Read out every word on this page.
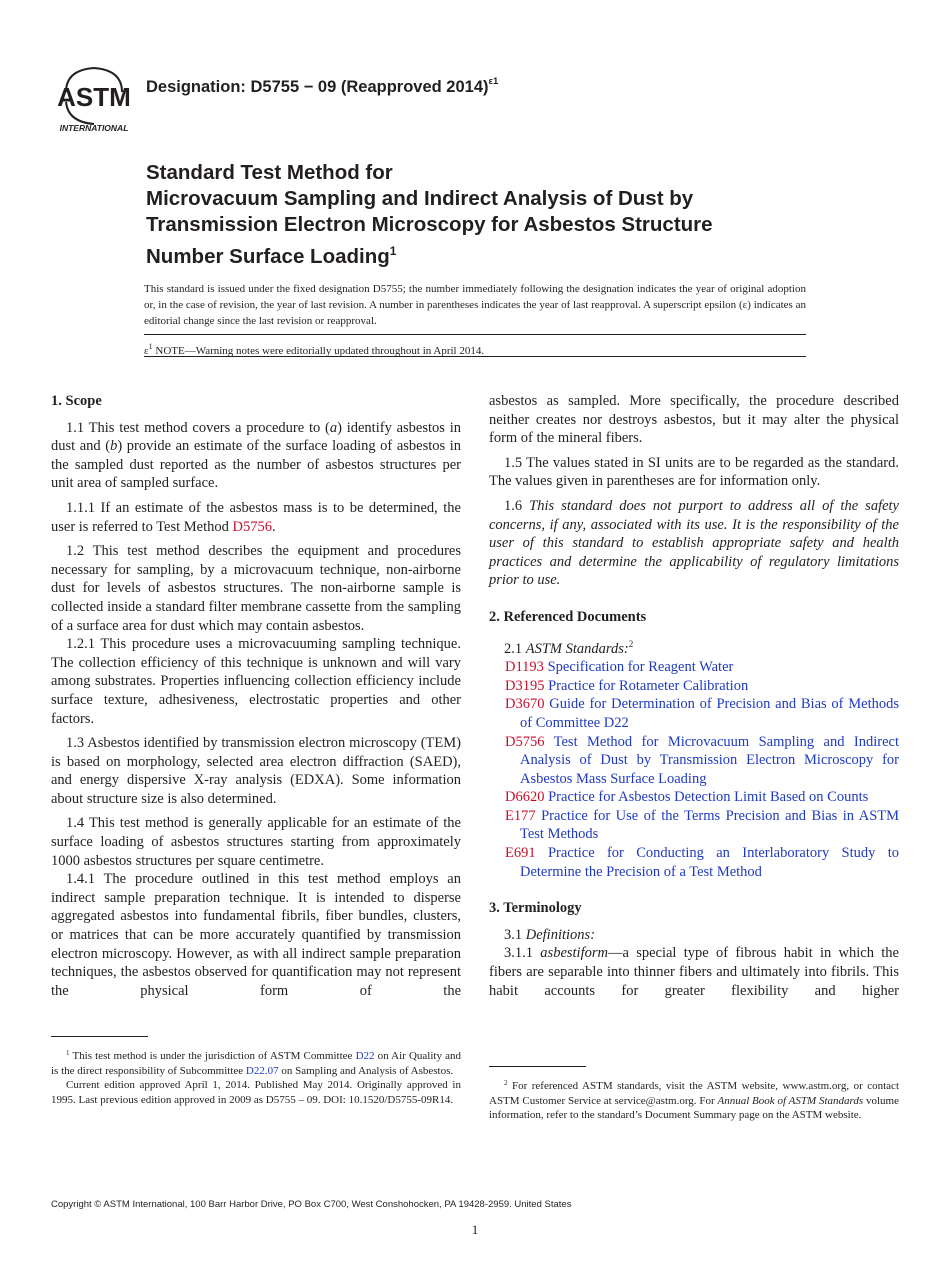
ASTM
INTERNATIONAL
Designation: D5755 − 09 (Reapproved 2014)$^{\varepsilon 1}$
Standard Test Method for
Microvacuum Sampling and Indirect Analysis of Dust by
Transmission Electron Microscopy for Asbestos Structure
Number Surface Loading$^1$
This standard is issued under the fixed designation D5755; the number immediately following the designation indicates the year of original adoption or, in the case of revision, the year of last revision. A number in parentheses indicates the year of last reapproval. A superscript epsilon (ε) indicates an editorial change since the last revision or reapproval.
$\varepsilon^1$ NOTE—Warning notes were editorially updated throughout in April 2014.
1. Scope
1.1 This test method covers a procedure to (a) identify asbestos in dust and (b) provide an estimate of the surface loading of asbestos in the sampled dust reported as the number of asbestos structures per unit area of sampled surface.
1.1.1 If an estimate of the asbestos mass is to be determined, the user is referred to Test Method D5756.
1.2 This test method describes the equipment and procedures necessary for sampling, by a microvacuum technique, non-airborne dust for levels of asbestos structures. The non-airborne sample is collected inside a standard filter membrane cassette from the sampling of a surface area for dust which may contain asbestos.
1.2.1 This procedure uses a microvacuuming sampling technique. The collection efficiency of this technique is unknown and will vary among substrates. Properties influencing collection efficiency include surface texture, adhesiveness, electrostatic properties and other factors.
1.3 Asbestos identified by transmission electron microscopy (TEM) is based on morphology, selected area electron diffraction (SAED), and energy dispersive X-ray analysis (EDXA). Some information about structure size is also determined.
1.4 This test method is generally applicable for an estimate of the surface loading of asbestos structures starting from approximately 1000 asbestos structures per square centimetre.
1.4.1 The procedure outlined in this test method employs an indirect sample preparation technique. It is intended to disperse aggregated asbestos into fundamental fibrils, fiber bundles, clusters, or matrices that can be more accurately quantified by transmission electron microscopy. However, as with all indirect sample preparation techniques, the asbestos observed for quantification may not represent the physical form of the
asbestos as sampled. More specifically, the procedure described neither creates nor destroys asbestos, but it may alter the physical form of the mineral fibers.
1.5 The values stated in SI units are to be regarded as the standard. The values given in parentheses are for information only.
1.6 This standard does not purport to address all of the safety concerns, if any, associated with its use. It is the responsibility of the user of this standard to establish appropriate safety and health practices and determine the applicability of regulatory limitations prior to use.
2. Referenced Documents
2.1 ASTM Standards:$^2$
D1193 Specification for Reagent Water
D3195 Practice for Rotameter Calibration
D3670 Guide for Determination of Precision and Bias of Methods of Committee D22
D5756 Test Method for Microvacuum Sampling and Indirect Analysis of Dust by Transmission Electron Microscopy for Asbestos Mass Surface Loading
D6620 Practice for Asbestos Detection Limit Based on Counts
E177 Practice for Use of the Terms Precision and Bias in ASTM Test Methods
E691 Practice for Conducting an Interlaboratory Study to Determine the Precision of a Test Method
3. Terminology
3.1 Definitions:
3.1.1 asbestiform—a special type of fibrous habit in which the fibers are separable into thinner fibers and ultimately into fibrils. This habit accounts for greater flexibility and higher

$^1$ This test method is under the jurisdiction of ASTM Committee D22 on Air Quality and is the direct responsibility of Subcommittee D22.07 on Sampling and Analysis of Asbestos.

Current edition approved April 1, 2014. Published May 2014. Originally approved in 1995. Last previous edition approved in 2009 as D5755 – 09. DOI: 10.1520/D5755-09R14.

$^2$ For referenced ASTM standards, visit the ASTM website, www.astm.org, or contact ASTM Customer Service at service@astm.org. For Annual Book of ASTM Standards volume information, refer to the standard’s Document Summary page on the ASTM website.

Copyright © ASTM International, 100 Barr Harbor Drive, PO Box C700, West Conshohocken, PA 19428-2959. United States
1
